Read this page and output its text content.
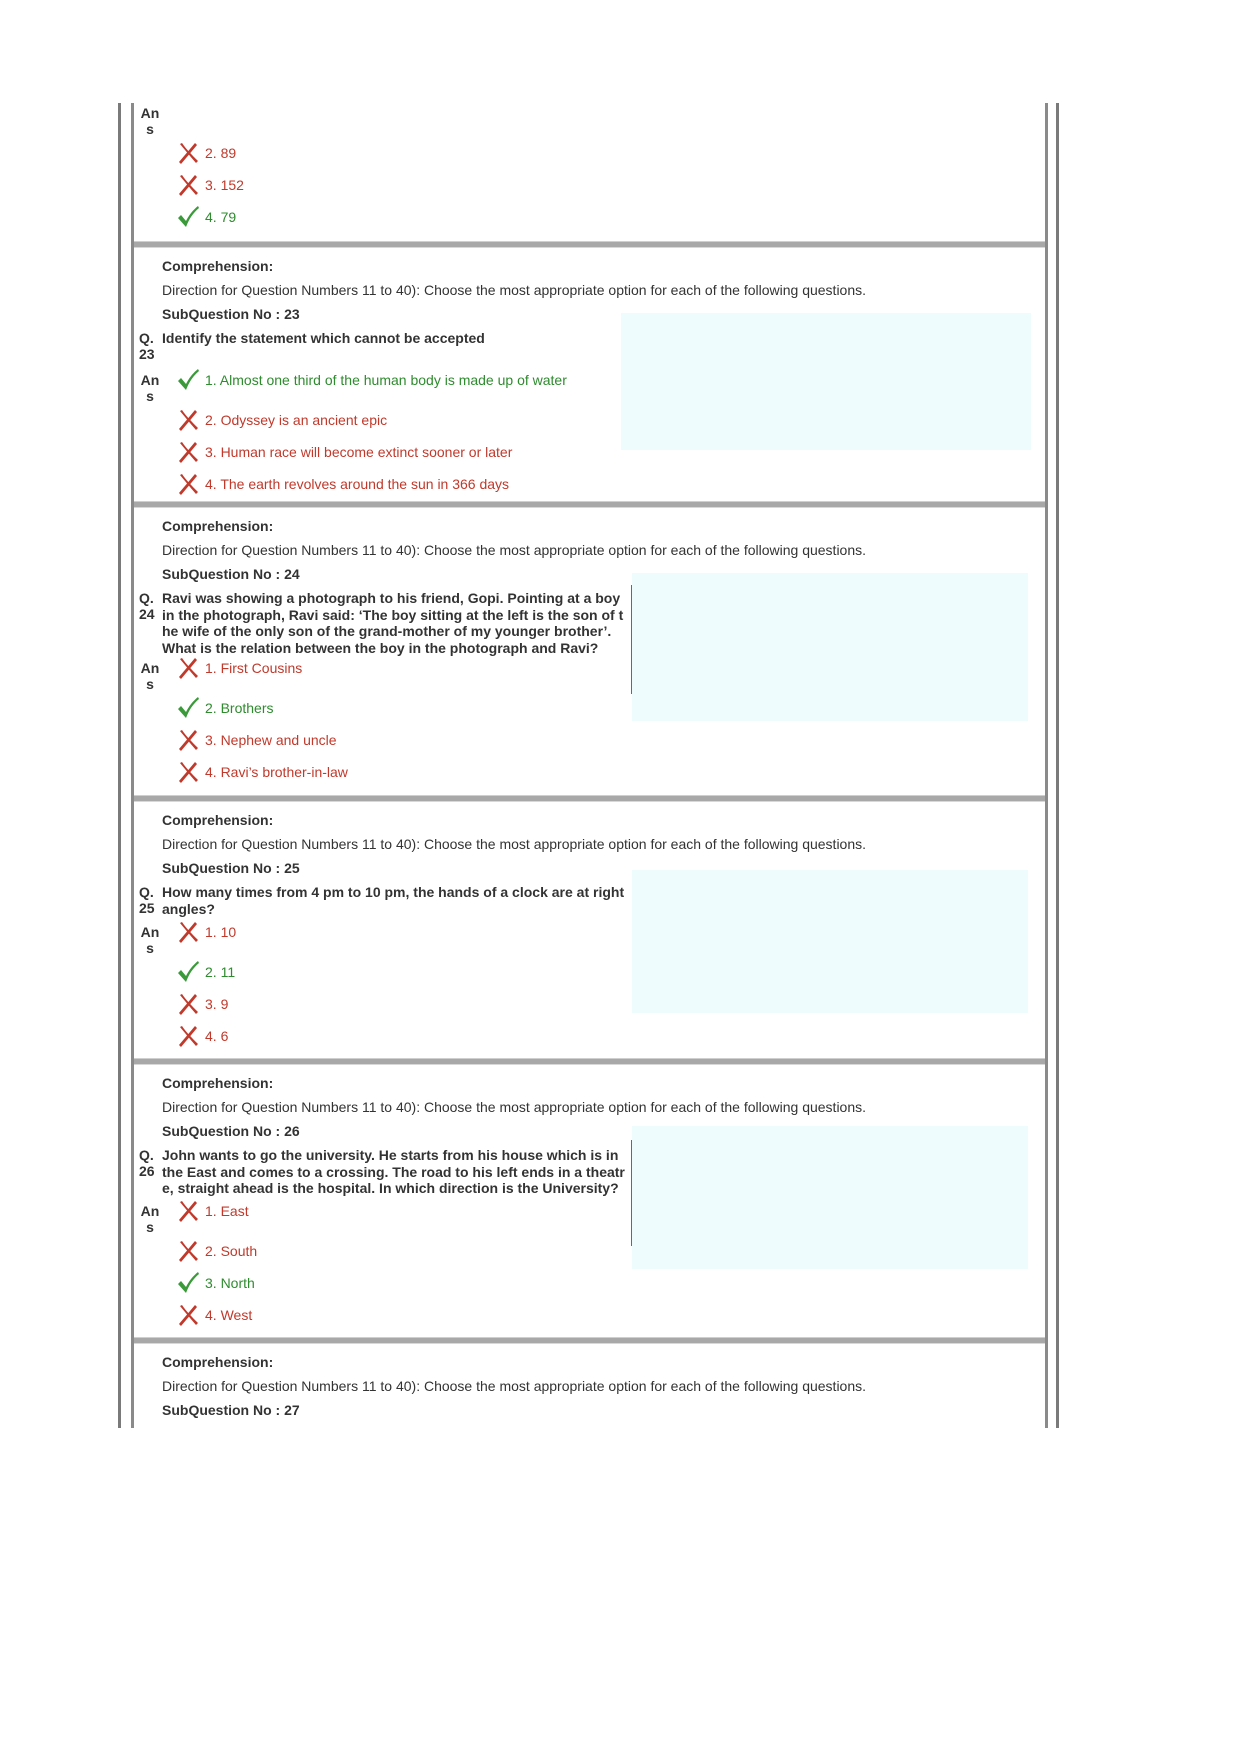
An
s
2. 89
3. 152
4. 79
Comprehension:
Direction for Question Numbers 11 to 40): Choose the most appropriate option for each of the following questions.
SubQuestion No : 23
Q.
23
Identify the statement which cannot be accepted
An
s
1. Almost one third of the human body is made up of water
2. Odyssey is an ancient epic
3. Human race will become extinct sooner or later
4. The earth revolves around the sun in 366 days
Comprehension:
Direction for Question Numbers 11 to 40): Choose the most appropriate option for each of the following questions.
SubQuestion No : 24
Q.
24
Ravi was showing a photograph to his friend, Gopi. Pointing at a boy
in the photograph, Ravi said: ‘The boy sitting at the left is the son of t
he wife of the only son of the grand-mother of my younger brother’.
What is the relation between the boy in the photograph and Ravi?
An
s
1. First Cousins
2. Brothers
3. Nephew and uncle
4. Ravi’s brother-in-law
Comprehension:
Direction for Question Numbers 11 to 40): Choose the most appropriate option for each of the following questions.
SubQuestion No : 25
Q.
25
How many times from 4 pm to 10 pm, the hands of a clock are at right
angles?
An
s
1. 10
2. 11
3. 9
4. 6
Comprehension:
Direction for Question Numbers 11 to 40): Choose the most appropriate option for each of the following questions.
SubQuestion No : 26
Q.
26
John wants to go the university. He starts from his house which is in
the East and comes to a crossing. The road to his left ends in a theatr
e, straight ahead is the hospital. In which direction is the University?
An
s
1. East
2. South
3. North
4. West
Comprehension:
Direction for Question Numbers 11 to 40): Choose the most appropriate option for each of the following questions.
SubQuestion No : 27
